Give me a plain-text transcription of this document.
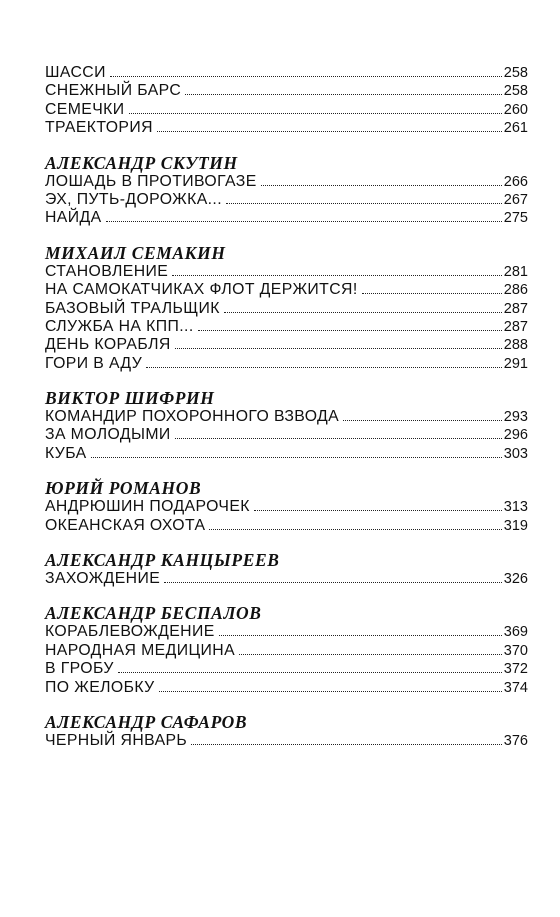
ШАССИ	258
СНЕЖНЫЙ БАРС	258
СЕМЕЧКИ	260
ТРАЕКТОРИЯ	261
АЛЕКСАНДР СКУТИН
ЛОШАДЬ В ПРОТИВОГАЗЕ	266
ЭХ, ПУТЬ-ДОРОЖКА...	267
НАЙДА	275
МИХАИЛ СЕМАКИН
СТАНОВЛЕНИЕ	281
НА САМОКАТЧИКАХ ФЛОТ ДЕРЖИТСЯ!	286
БАЗОВЫЙ ТРАЛЬЩИК	287
СЛУЖБА НА КПП...	287
ДЕНЬ КОРАБЛЯ	288
ГОРИ В АДУ	291
ВИКТОР ШИФРИН
КОМАНДИР ПОХОРОННОГО ВЗВОДА	293
ЗА МОЛОДЫМИ	296
КУБА	303
ЮРИЙ РОМАНОВ
АНДРЮШИН ПОДАРОЧЕК	313
ОКЕАНСКАЯ ОХОТА	319
АЛЕКСАНДР КАНЦЫРЕЕВ
ЗАХОЖДЕНИЕ	326
АЛЕКСАНДР БЕСПАЛОВ
КОРАБЛЕВОЖДЕНИЕ	369
НАРОДНАЯ МЕДИЦИНА	370
В ГРОБУ	372
ПО ЖЕЛОБКУ	374
АЛЕКСАНДР САФАРОВ
ЧЕРНЫЙ ЯНВАРЬ	376
